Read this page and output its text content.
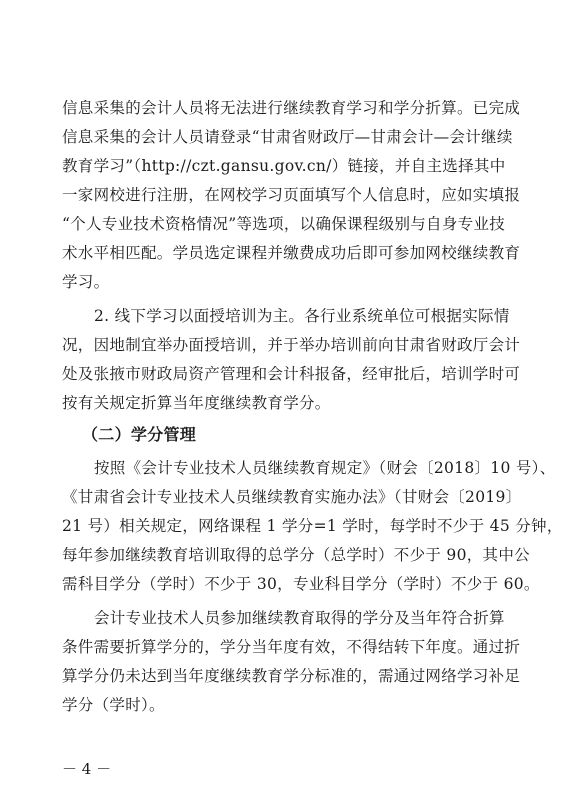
信息采集的会计人员将无法进行继续教育学习和学分折算。已完成
信息采集的会计人员请登录“甘肃省财政厅—甘肃会计—会计继续
教育学习”（http://czt.gansu.gov.cn/）链接，并自主选择其中
一家网校进行注册，在网校学习页面填写个人信息时，应如实填报
“个人专业技术资格情况”等选项，以确保课程级别与自身专业技
术水平相匹配。学员选定课程并缴费成功后即可参加网校继续教育
学习。
2. 线下学习以面授培训为主。各行业系统单位可根据实际情
况，因地制宜举办面授培训，并于举办培训前向甘肃省财政厅会计
处及张掖市财政局资产管理和会计科报备，经审批后，培训学时可
按有关规定折算当年度继续教育学分。
（二）学分管理
按照《会计专业技术人员继续教育规定》（财会〔2018〕10 号）、
《甘肃省会计专业技术人员继续教育实施办法》（甘财会〔2019〕
21 号）相关规定，网络课程 1 学分=1 学时，每学时不少于 45 分钟，
每年参加继续教育培训取得的总学分（总学时）不少于 90，其中公
需科目学分（学时）不少于 30，专业科目学分（学时）不少于 60。
会计专业技术人员参加继续教育取得的学分及当年符合折算
条件需要折算学分的，学分当年度有效，不得结转下年度。通过折
算学分仍未达到当年度继续教育学分标准的，需通过网络学习补足
学分（学时）。
－ 4 －
